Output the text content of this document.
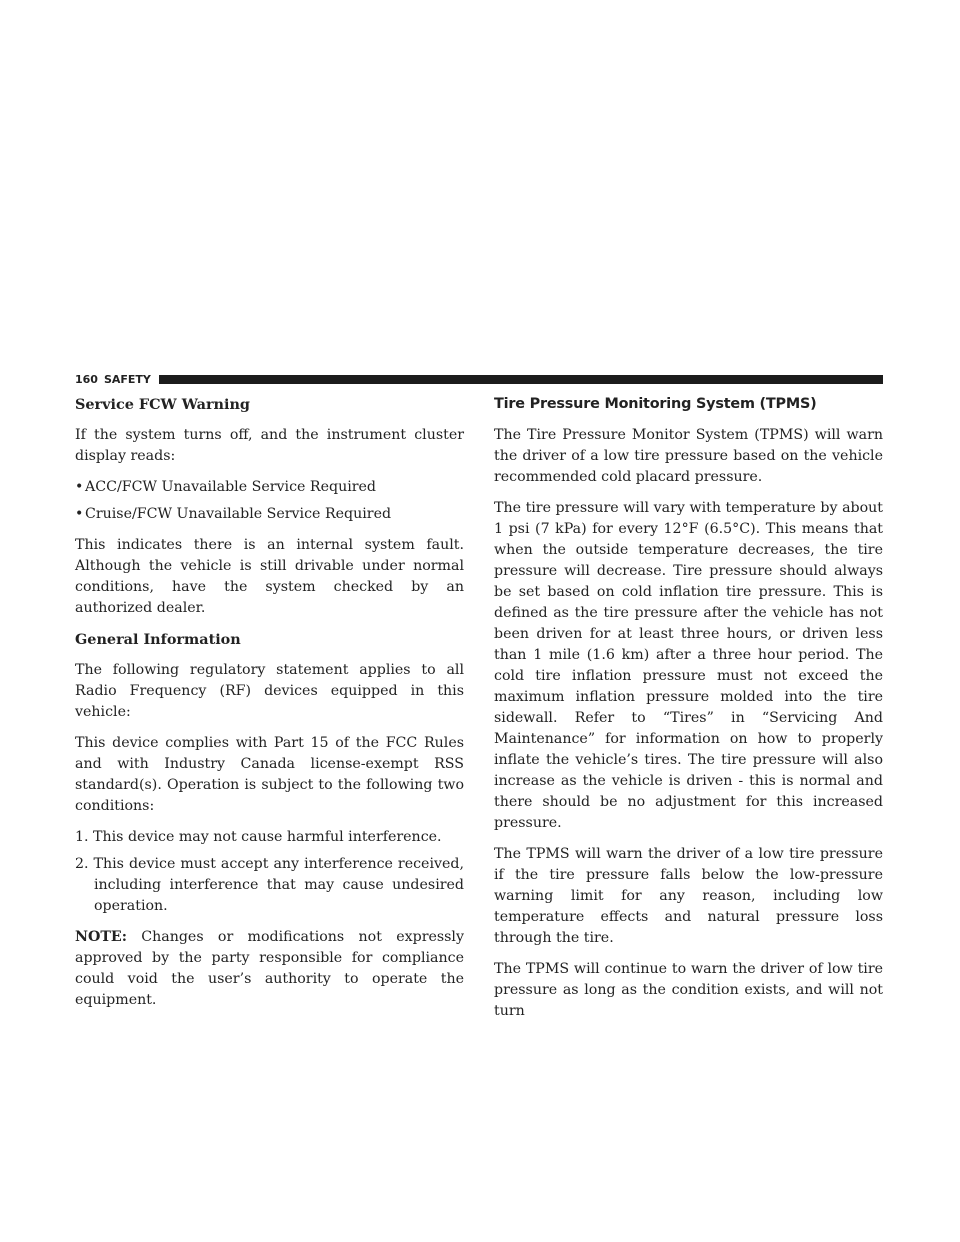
160 SAFETY
Service FCW Warning

If the system turns off, and the instrument cluster display reads:

• ACC/FCW Unavailable Service Required
• Cruise/FCW Unavailable Service Required

This indicates there is an internal system fault. Although the vehicle is still drivable under normal conditions, have the system checked by an authorized dealer.

General Information

The following regulatory statement applies to all Radio Frequency (RF) devices equipped in this vehicle:

This device complies with Part 15 of the FCC Rules and with Industry Canada license-exempt RSS standard(s). Operation is subject to the following two conditions:

1. This device may not cause harmful interference.
2. This device must accept any interference received, including interference that may cause undesired operation.

NOTE: Changes or modifications not expressly approved by the party responsible for compliance could void the user’s authority to operate the equipment.

Tire Pressure Monitoring System (TPMS)

The Tire Pressure Monitor System (TPMS) will warn the driver of a low tire pressure based on the vehicle recommended cold placard pressure.

The tire pressure will vary with temperature by about 1 psi (7 kPa) for every 12°F (6.5°C). This means that when the outside temperature decreases, the tire pressure will decrease. Tire pressure should always be set based on cold inflation tire pressure. This is defined as the tire pressure after the vehicle has not been driven for at least three hours, or driven less than 1 mile (1.6 km) after a three hour period. The cold tire inflation pressure must not exceed the maximum inflation pressure molded into the tire sidewall. Refer to “Tires” in “Servicing And Maintenance” for information on how to properly inflate the vehicle’s tires. The tire pressure will also increase as the vehicle is driven - this is normal and there should be no adjustment for this increased pressure.

The TPMS will warn the driver of a low tire pressure if the tire pressure falls below the low-pressure warning limit for any reason, including low temperature effects and natural pressure loss through the tire.

The TPMS will continue to warn the driver of low tire pressure as long as the condition exists, and will not turn
